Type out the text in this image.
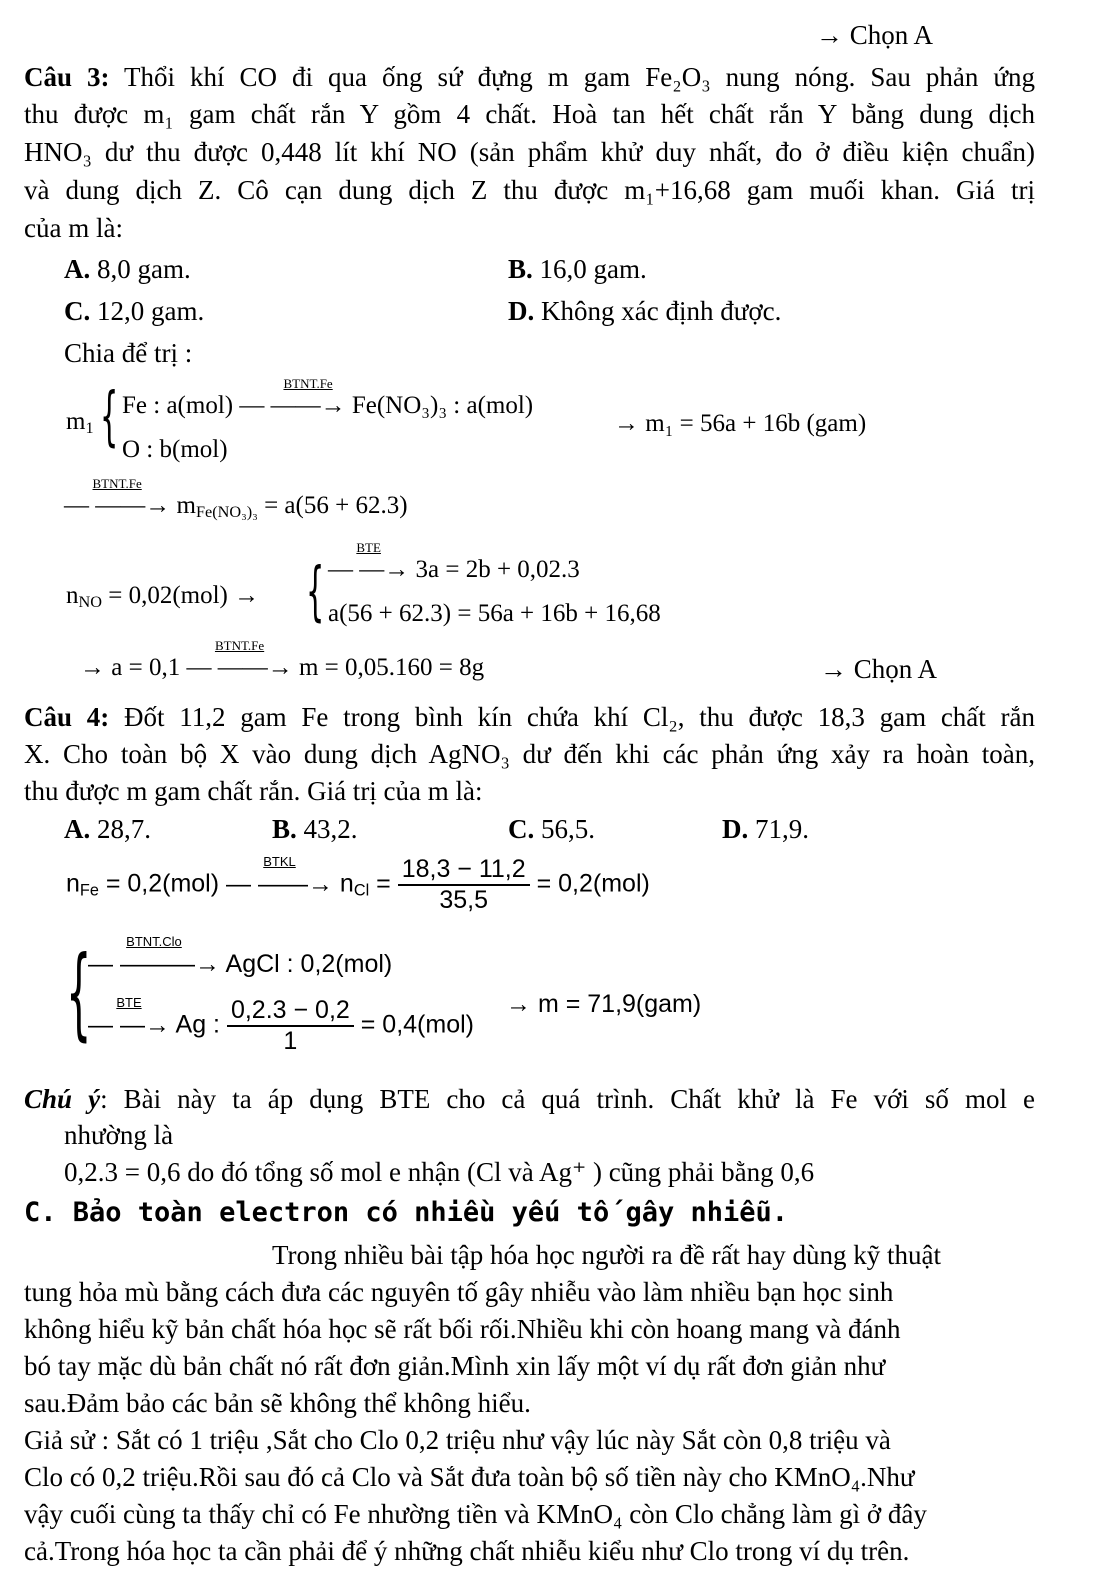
→ Chọn A
Câu 3: Thổi khí CO đi qua ống sứ đựng m gam Fe₂O₃ nung nóng. Sau phản ứng
thu được m₁ gam chất rắn Y gồm 4 chất. Hoà tan hết chất rắn Y bằng dung dịch
HNO₃ dư thu được 0,448 lít khí NO (sản phẩm khử duy nhất, đo ở điều kiện chuẩn)
và dung dịch Z. Cô cạn dung dịch Z thu được m₁+16,68 gam muối khan. Giá trị
của m là:
A. 8,0 gam.	B. 16,0 gam.
C. 12,0 gam.	D. Không xác định được.
Chia để trị :
$m_1$ { Fe : a(mol) —
BTNT.Fe
——→ Fe(NO₃)₃ : a(mol)
O : b(mol)
→ m₁ = 56a + 16b (gam)
—
BTNT.Fe
——→ $m_{Fe(NO_3)_3} = a(56 + 62.3)$
$n_{NO} = 0,02(mol)$ → { —
BTE
—→ 3a = 2b + 0,02.3
a(56 + 62.3) = 56a + 16b + 16,68
→ a = 0,1 —
BTNT.Fe
——→ m = 0,05.160 = 8g	→ Chọn A
Câu 4: Đốt 11,2 gam Fe trong bình kín chứa khí Cl₂, thu được 18,3 gam chất rắn
X. Cho toàn bộ X vào dung dịch AgNO₃ dư đến khi các phản ứng xảy ra hoàn toàn,
thu được m gam chất rắn. Giá trị của m là:
A. 28,7.	B. 43,2.	C. 56,5.	D. 71,9.
$n_{Fe} = 0,2(mol)$ —
BTKL
——→ $n_{Cl} = \frac{18,3 - 11,2}{35,5} = 0,2(mol)$
{
—
BTNT.Clo
———→ AgCl : 0,2(mol)
—
BTE
—→ Ag : $\frac{0,2.3 - 0,2}{1} = 0,4(mol)$
→ m = 71,9(gam)
Chú ý: Bài này ta áp dụng BTE cho cả quá trình. Chất khử là Fe với số mol e
nhường là
0,2.3 = 0,6 do đó tổng số mol e nhận (Cl và Ag⁺ ) cũng phải bằng 0,6
C. Bảo toàn electron có nhiều yếu tố gây nhiễu.
Trong nhiều bài tập hóa học người ra đề rất hay dùng kỹ thuật
tung hỏa mù bằng cách đưa các nguyên tố gây nhiễu vào làm nhiều bạn học sinh
không hiểu kỹ bản chất hóa học sẽ rất bối rối.Nhiều khi còn hoang mang và đánh
bó tay mặc dù bản chất nó rất đơn giản.Mình xin lấy một ví dụ rất đơn giản như
sau.Đảm bảo các bản sẽ không thể không hiểu.
Giả sử : Sắt có 1 triệu ,Sắt cho Clo 0,2 triệu như vậy lúc này Sắt còn 0,8 triệu và
Clo có 0,2 triệu.Rồi sau đó cả Clo và Sắt đưa toàn bộ số tiền này cho KMnO₄.Như
vậy cuối cùng ta thấy chỉ có Fe nhường tiền và KMnO₄ còn Clo chẳng làm gì ở đây
cả.Trong hóa học ta cần phải để ý những chất nhiễu kiểu như Clo trong ví dụ trên.
